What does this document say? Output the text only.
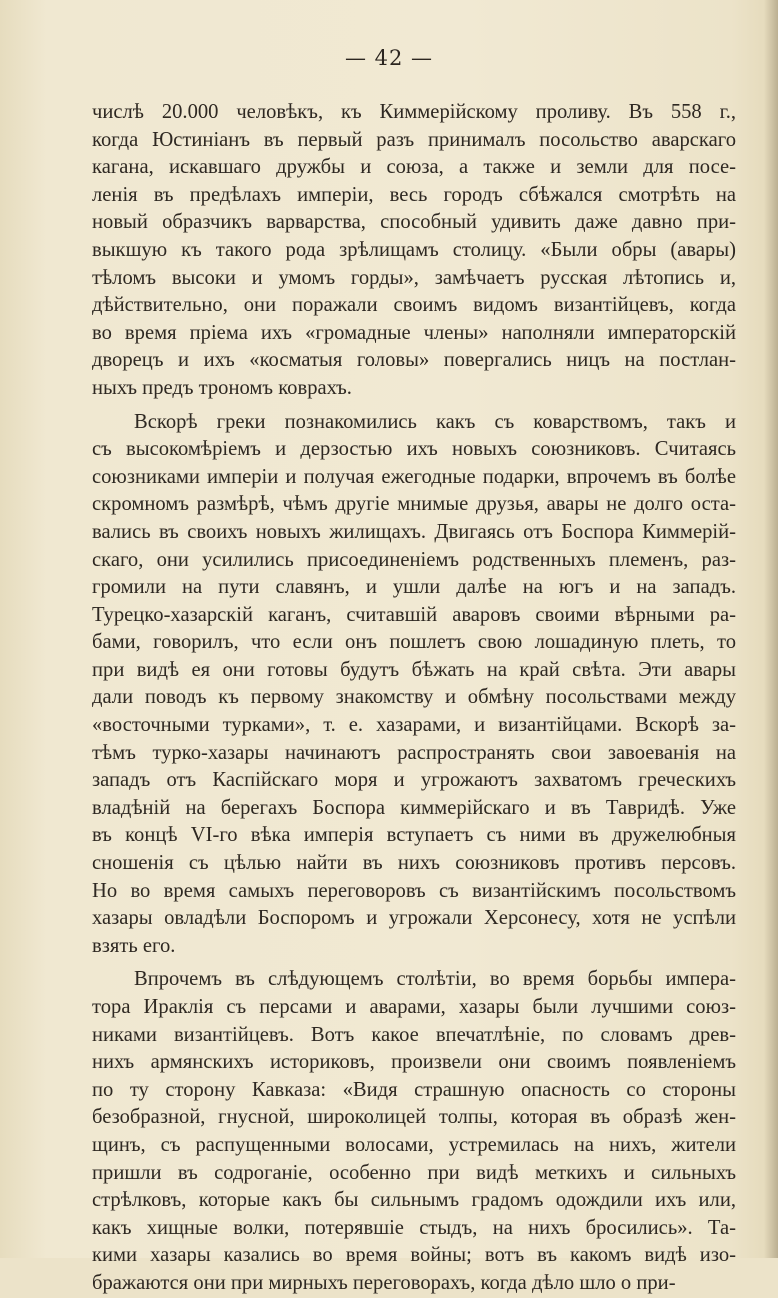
— 42 —
числѣ 20.000 человѣкъ, къ Киммерійскому проливу. Въ 558 г.,
когда Юстиніанъ въ первый разъ принималъ посольство аварскаго
кагана, искавшаго дружбы и союза, а также и земли для посе-
ленія въ предѣлахъ имперіи, весь городъ сбѣжался смотрѣть на
новый образчикъ варварства, способный удивить даже давно при-
выкшую къ такого рода зрѣлищамъ столицу. «Были обры (авары)
тѣломъ высоки и умомъ горды», замѣчаетъ русская лѣтопись и,
дѣйствительно, они поражали своимъ видомъ византійцевъ, когда
во время пріема ихъ «громадные члены» наполняли императорскій
дворецъ и ихъ «косматыя головы» повергались ницъ на постлан-
ныхъ предъ трономъ коврахъ.
Вскорѣ греки познакомились какъ съ коварствомъ, такъ и
съ высокомѣріемъ и дерзостью ихъ новыхъ союзниковъ. Считаясь
союзниками имперіи и получая ежегодные подарки, впрочемъ въ болѣе
скромномъ размѣрѣ, чѣмъ другіе мнимые друзья, авары не долго оста-
вались въ своихъ новыхъ жилищахъ. Двигаясь отъ Боспора Киммерій-
скаго, они усилились присоединеніемъ родственныхъ племенъ, раз-
громили на пути славянъ, и ушли далѣе на югъ и на западъ.
Турецко-хазарскій каганъ, считавшій аваровъ своими вѣрными ра-
бами, говорилъ, что если онъ пошлетъ свою лошадиную плеть, то
при видѣ ея они готовы будутъ бѣжать на край свѣта. Эти авары
дали поводъ къ первому знакомству и обмѣну посольствами между
«восточными турками», т. е. хазарами, и византійцами. Вскорѣ за-
тѣмъ турко-хазары начинаютъ распространять свои завоеванія на
западъ отъ Каспійскаго моря и угрожаютъ захватомъ греческихъ
владѣній на берегахъ Боспора киммерійскаго и въ Тавридѣ. Уже
въ концѣ VI-го вѣка имперія вступаетъ съ ними въ дружелюбныя
сношенія съ цѣлью найти въ нихъ союзниковъ противъ персовъ.
Но во время самыхъ переговоровъ съ византійскимъ посольствомъ
хазары овладѣли Боспоромъ и угрожали Херсонесу, хотя не успѣли
взять его.
Впрочемъ въ слѣдующемъ столѣтіи, во время борьбы импера-
тора Ираклія съ персами и аварами, хазары были лучшими союз-
никами византійцевъ. Вотъ какое впечатлѣніе, по словамъ древ-
нихъ армянскихъ историковъ, произвели они своимъ появленіемъ
по ту сторону Кавказа: «Видя страшную опасность со стороны
безобразной, гнусной, широколицей толпы, которая въ образѣ жен-
щинъ, съ распущенными волосами, устремилась на нихъ, жители
пришли въ содроганіе, особенно при видѣ меткихъ и сильныхъ
стрѣлковъ, которые какъ бы сильнымъ градомъ одождили ихъ или,
какъ хищные волки, потерявшіе стыдъ, на нихъ бросились». Та-
кими хазары казались во время войны; вотъ въ какомъ видѣ изо-
бражаются они при мирныхъ переговорахъ, когда дѣло шло о при-
